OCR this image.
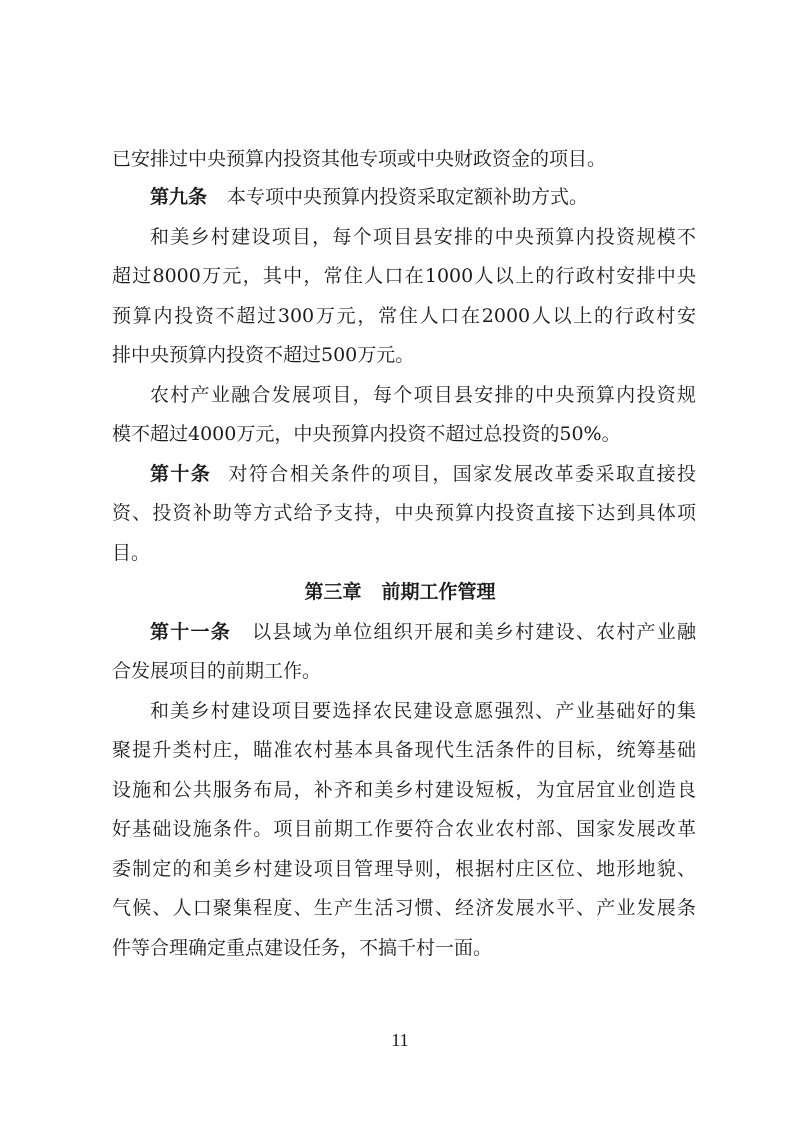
已安排过中央预算内投资其他专项或中央财政资金的项目。
第九条 本专项中央预算内投资采取定额补助方式。
和美乡村建设项目，每个项目县安排的中央预算内投资规模不
超过8000万元，其中，常住人口在1000人以上的行政村安排中央
预算内投资不超过300万元，常住人口在2000人以上的行政村安
排中央预算内投资不超过500万元。
农村产业融合发展项目，每个项目县安排的中央预算内投资规
模不超过4000万元，中央预算内投资不超过总投资的50%。
第十条 对符合相关条件的项目，国家发展改革委采取直接投
资、投资补助等方式给予支持，中央预算内投资直接下达到具体项
目。
第三章 前期工作管理
第十一条 以县域为单位组织开展和美乡村建设、农村产业融
合发展项目的前期工作。
和美乡村建设项目要选择农民建设意愿强烈、产业基础好的集
聚提升类村庄，瞄准农村基本具备现代生活条件的目标，统筹基础
设施和公共服务布局，补齐和美乡村建设短板，为宜居宜业创造良
好基础设施条件。项目前期工作要符合农业农村部、国家发展改革
委制定的和美乡村建设项目管理导则，根据村庄区位、地形地貌、
气候、人口聚集程度、生产生活习惯、经济发展水平、产业发展条
件等合理确定重点建设任务，不搞千村一面。
11
